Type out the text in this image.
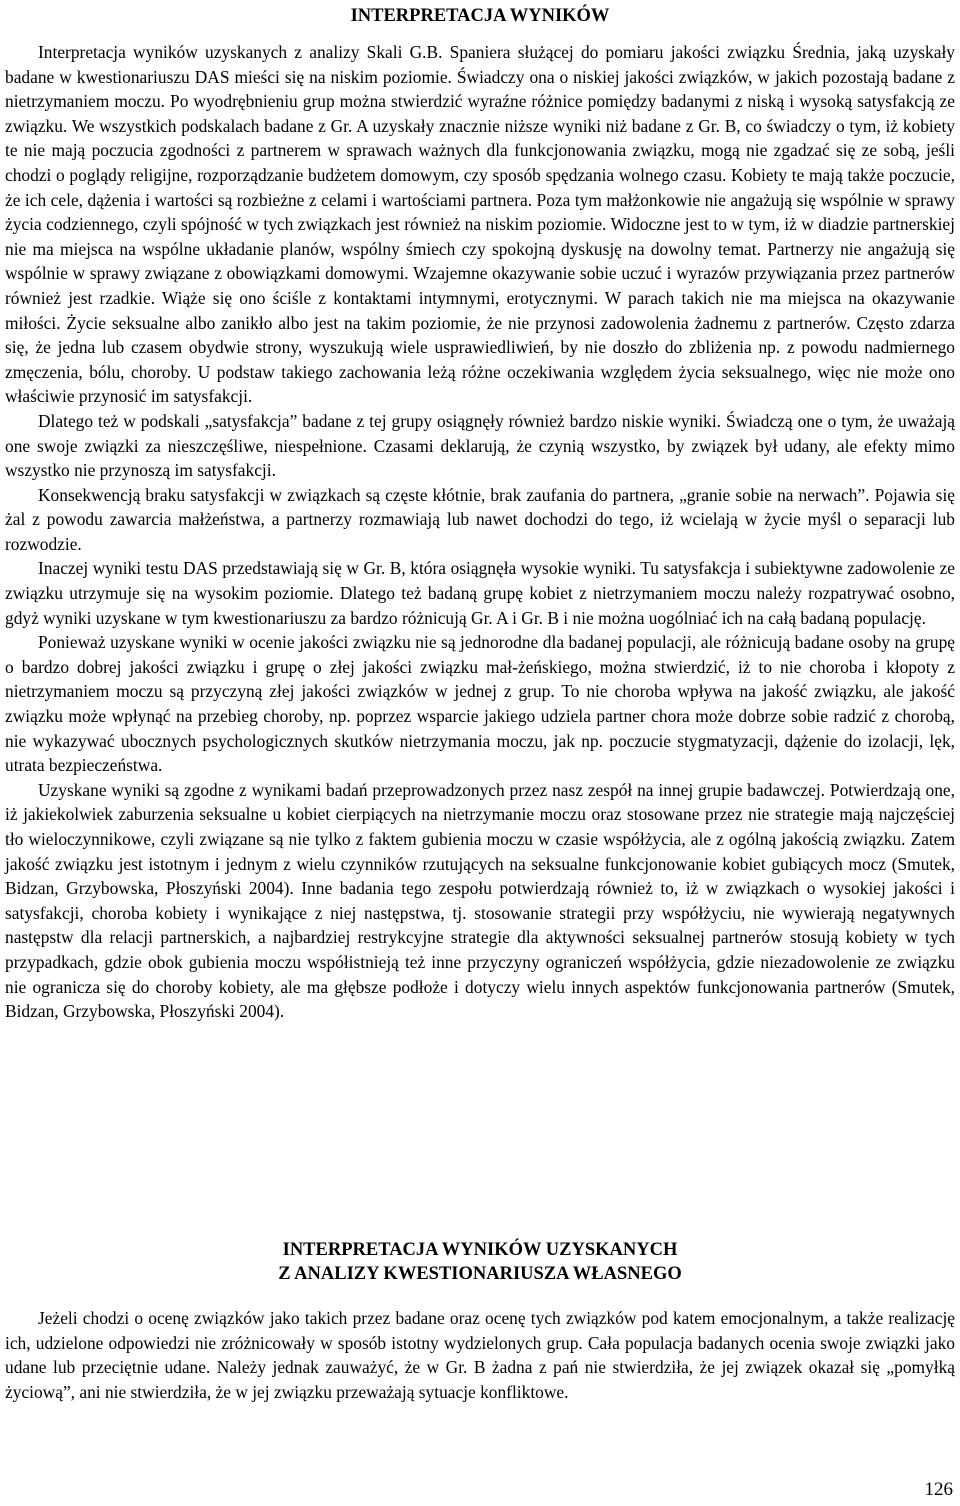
INTERPRETACJA WYNIKÓW

Interpretacja wyników uzyskanych z analizy Skali G.B. Spaniera służącej do pomiaru jakości związku Średnia, jaką uzyskały badane w kwestionariuszu DAS mieści się na niskim poziomie. Świadczy ona o niskiej jakości związków, w jakich pozostają badane z nietrzymaniem moczu. Po wyodrębnieniu grup można stwierdzić wyraźne różnice pomiędzy badanymi z niską i wysoką satysfakcją ze związku. We wszystkich podskalach badane z Gr. A uzyskały znacznie niższe wyniki niż badane z Gr. B, co świadczy o tym, iż kobiety te nie mają poczucia zgodności z partnerem w sprawach ważnych dla funkcjonowania związku, mogą nie zgadzać się ze sobą, jeśli chodzi o poglądy religijne, rozporządzanie budżetem domowym, czy sposób spędzania wolnego czasu. Kobiety te mają także poczucie, że ich cele, dążenia i wartości są rozbieżne z celami i wartościami partnera. Poza tym małżonkowie nie angażują się wspólnie w sprawy życia codziennego, czyli spójność w tych związkach jest również na niskim poziomie. Widoczne jest to w tym, iż w diadzie partnerskiej nie ma miejsca na wspólne układanie planów, wspólny śmiech czy spokojną dyskusję na dowolny temat. Partnerzy nie angażują się wspólnie w sprawy związane z obowiązkami domowymi. Wzajemne okazywanie sobie uczuć i wyrazów przywiązania przez partnerów również jest rzadkie. Wiąże się ono ściśle z kontaktami intymnymi, erotycznymi. W parach takich nie ma miejsca na okazywanie miłości. Życie seksualne albo zanikło albo jest na takim poziomie, że nie przynosi zadowolenia żadnemu z partnerów. Często zdarza się, że jedna lub czasem obydwie strony, wyszukują wiele usprawiedliwień, by nie doszło do zbliżenia np. z powodu nadmiernego zmęczenia, bólu, choroby. U podstaw takiego zachowania leżą różne oczekiwania względem życia seksualnego, więc nie może ono właściwie przynosić im satysfakcji.

Dlatego też w podskali „satysfakcja” badane z tej grupy osiągnęły również bardzo niskie wyniki. Świadczą one o tym, że uważają one swoje związki za nieszczęśliwe, niespełnione. Czasami deklarują, że czynią wszystko, by związek był udany, ale efekty mimo wszystko nie przynoszą im satysfakcji.

Konsekwencją braku satysfakcji w związkach są częste kłótnie, brak zaufania do partnera, „granie sobie na nerwach”. Pojawia się żal z powodu zawarcia małżeństwa, a partnerzy rozmawiają lub nawet dochodzi do tego, iż wcielają w życie myśl o separacji lub rozwodzie.

Inaczej wyniki testu DAS przedstawiają się w Gr. B, która osiągnęła wysokie wyniki. Tu satysfakcja i subiektywne zadowolenie ze związku utrzymuje się na wysokim poziomie. Dlatego też badaną grupę kobiet z nietrzymaniem moczu należy rozpatrywać osobno, gdyż wyniki uzyskane w tym kwestionariuszu za bardzo różnicują Gr. A i Gr. B i nie można uogólniać ich na całą badaną populację.

Ponieważ uzyskane wyniki w ocenie jakości związku nie są jednorodne dla badanej populacji, ale różnicują badane osoby na grupę o bardzo dobrej jakości związku i grupę o złej jakości związku mał-żeńskiego, można stwierdzić, iż to nie choroba i kłopoty z nietrzymaniem moczu są przyczyną złej jakości związków w jednej z grup. To nie choroba wpływa na jakość związku, ale jakość związku może wpłynąć na przebieg choroby, np. poprzez wsparcie jakiego udziela partner chora może dobrze sobie radzić z chorobą, nie wykazywać ubocznych psychologicznych skutków nietrzymania moczu, jak np. poczucie stygmatyzacji, dążenie do izolacji, lęk, utrata bezpieczeństwa.

Uzyskane wyniki są zgodne z wynikami badań przeprowadzonych przez nasz zespół na innej grupie badawczej. Potwierdzają one, iż jakiekolwiek zaburzenia seksualne u kobiet cierpiących na nietrzymanie moczu oraz stosowane przez nie strategie mają najczęściej tło wieloczynnikowe, czyli związane są nie tylko z faktem gubienia moczu w czasie współżycia, ale z ogólną jakością związku. Zatem jakość związku jest istotnym i jednym z wielu czynników rzutujących na seksualne funkcjonowanie kobiet gubiących mocz (Smutek, Bidzan, Grzybowska, Płoszyński 2004). Inne badania tego zespołu potwierdzają również to, iż w związkach o wysokiej jakości i satysfakcji, choroba kobiety i wynikające z niej następstwa, tj. stosowanie strategii przy współżyciu, nie wywierają negatywnych następstw dla relacji partnerskich, a najbardziej restrykcyjne strategie dla aktywności seksualnej partnerów stosują kobiety w tych przypadkach, gdzie obok gubienia moczu współistnieją też inne przyczyny ograniczeń współżycia, gdzie niezadowolenie ze związku nie ogranicza się do choroby kobiety, ale ma głębsze podłoże i dotyczy wielu innych aspektów funkcjonowania partnerów (Smutek, Bidzan, Grzybowska, Płoszyński 2004).

INTERPRETACJA WYNIKÓW UZYSKANYCH
Z ANALIZY KWESTIONARIUSZA WŁASNEGO

Jeżeli chodzi o ocenę związków jako takich przez badane oraz ocenę tych związków pod katem emocjonalnym, a także realizację ich, udzielone odpowiedzi nie zróżnicowały w sposób istotny wydzielonych grup. Cała populacja badanych ocenia swoje związki jako udane lub przeciętnie udane. Należy jednak zauważyć, że w Gr. B żadna z pań nie stwierdziła, że jej związek okazał się „pomyłką życiową”, ani nie stwierdziła, że w jej związku przeważają sytuacje konfliktowe.

126
